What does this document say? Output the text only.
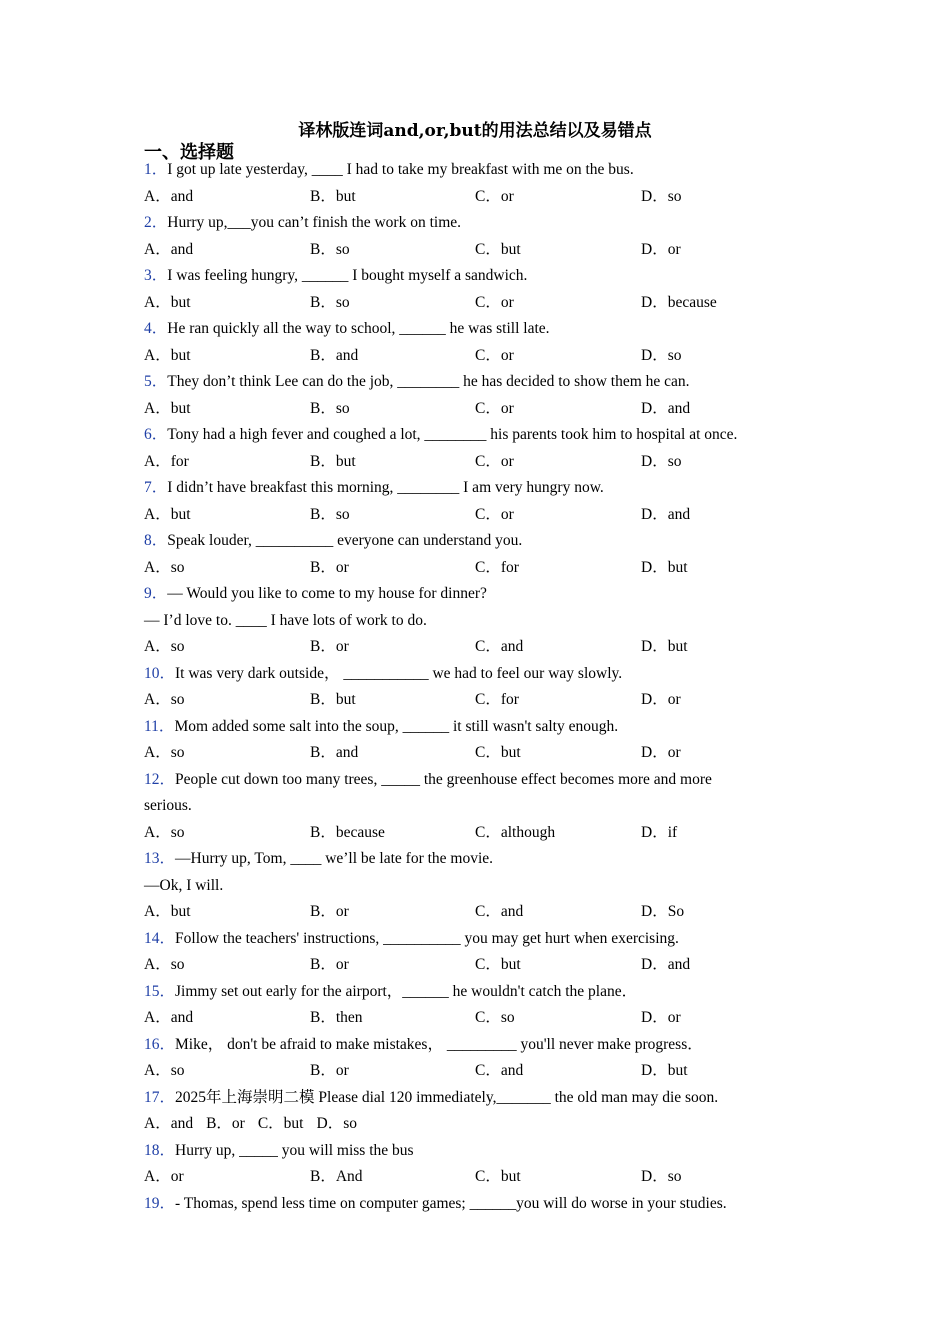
译林版连词and,or,but的用法总结以及易错点
一、选择题
1．I got up late yesterday, ____ I had to take my breakfast with me on the bus.
A．and	B．but	C．or	D．so
2．Hurry up,___you can’t finish the work on time.
A．and	B．so	C．but	D．or
3．I was feeling hungry, ______ I bought myself a sandwich.
A．but	B．so	C．or	D．because
4．He ran quickly all the way to school, ______ he was still late.
A．but	B．and	C．or	D．so
5．They don’t think Lee can do the job, ________ he has decided to show them he can.
A．but	B．so	C．or	D．and
6．Tony had a high fever and coughed a lot, ________ his parents took him to hospital at once.
A．for	B．but	C．or	D．so
7．I didn’t have breakfast this morning, ________ I am very hungry now.
A．but	B．so	C．or	D．and
8．Speak louder, __________ everyone can understand you.
A．so	B．or	C．for	D．but
9．— Would you like to come to my house for dinner?
— I’d love to. ____ I have lots of work to do.
A．so	B．or	C．and	D．but
10．It was very dark outside， ___________ we had to feel our way slowly.
A．so	B．but	C．for	D．or
11．Mom added some salt into the soup, ______ it still wasn't salty enough.
A．so	B．and	C．but	D．or
12．People cut down too many trees, _____ the greenhouse effect becomes more and more
serious.
A．so	B．because	C．although	D．if
13．—Hurry up, Tom, ____ we’ll be late for the movie.
—Ok, I will.
A．but	B．or	C．and	D．So
14．Follow the teachers' instructions, __________ you may get hurt when exercising.
A．so	B．or	C．but	D．and
15．Jimmy set out early for the airport，______ he wouldn't catch the plane．
A．and	B．then	C．so	D．or
16．Mike， don't be afraid to make mistakes， _________ you'll never make progress．
A．so	B．or	C．and	D．but
17．2025年上海崇明二模 Please dial 120 immediately,_______ the old man may die soon.
A．and B．or C．but D．so
18．Hurry up, _____ you will miss the bus
A．or	B．And	C．but	D．so
19．- Thomas, spend less time on computer games; ______you will do worse in your studies.
